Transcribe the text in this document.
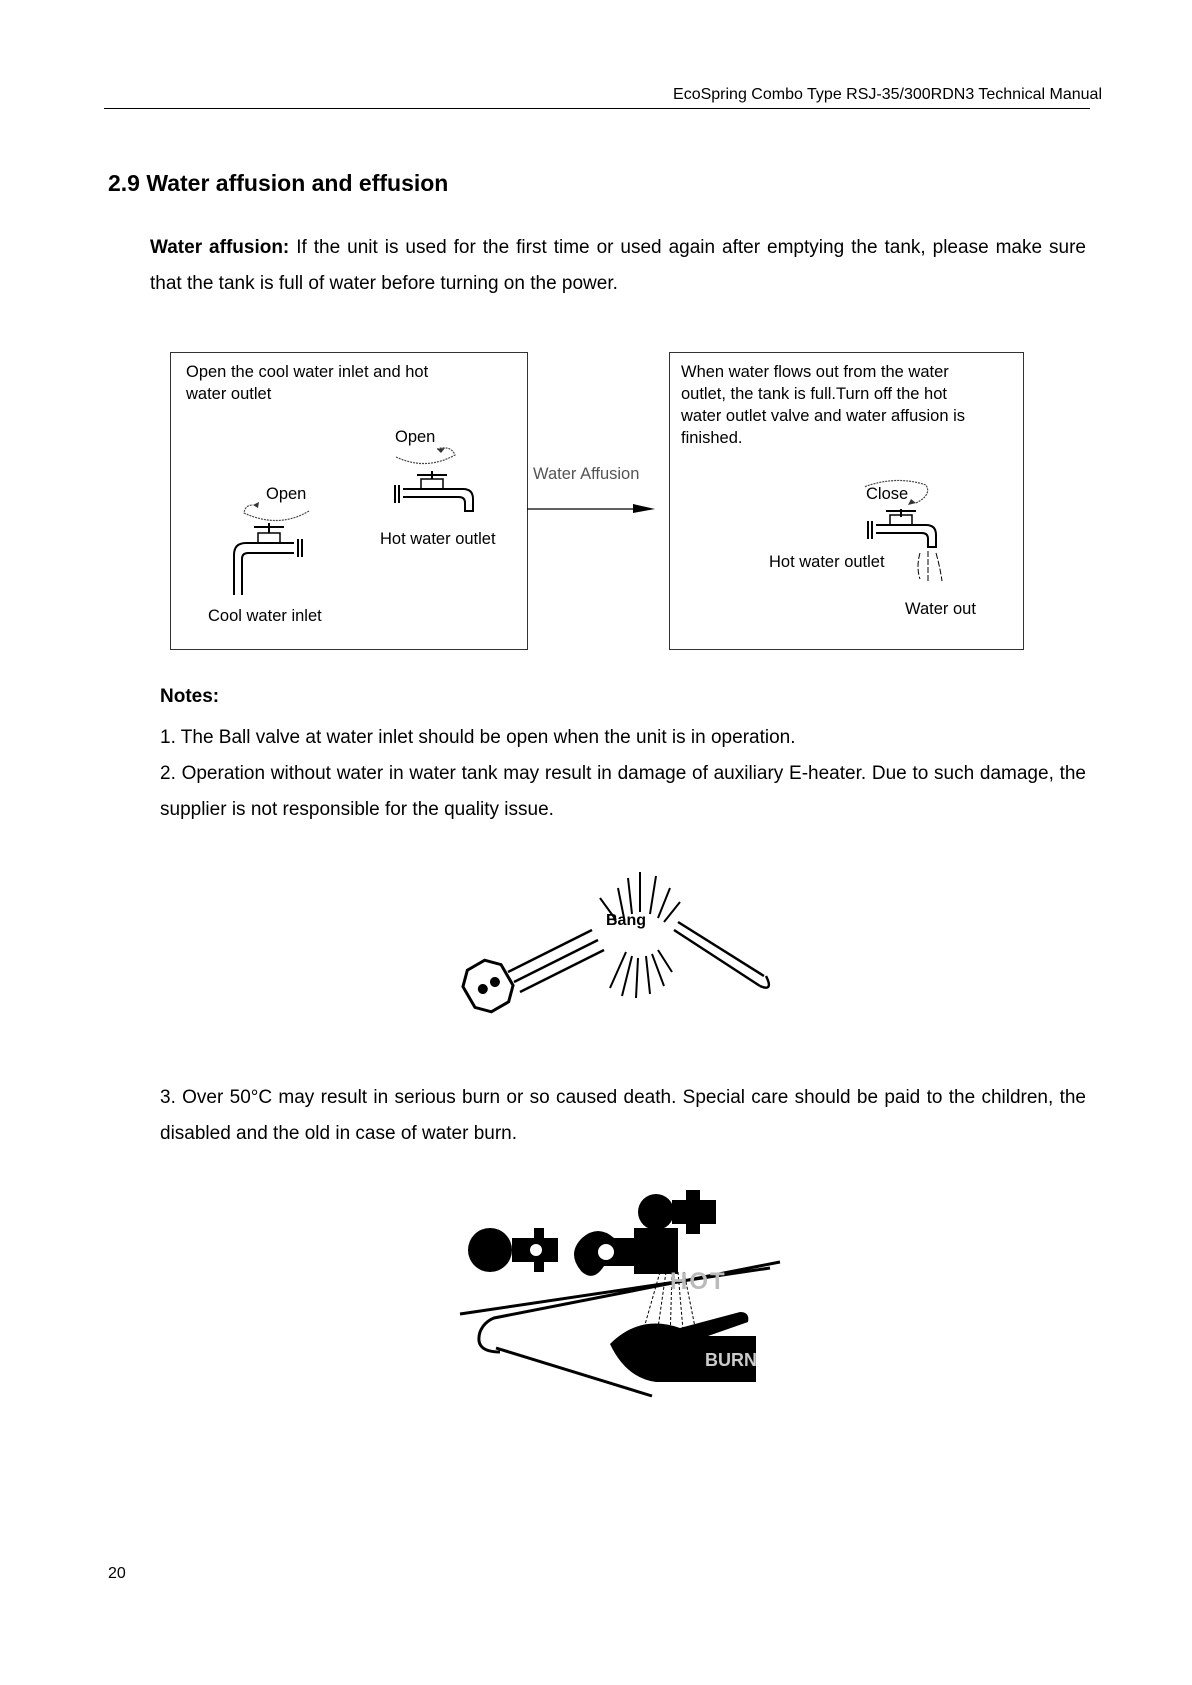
EcoSpring Combo Type RSJ-35/300RDN3 Technical Manual
2.9 Water affusion and effusion
Water affusion: If the unit is used for the first time or used again after emptying the tank, please make sure that the tank is full of water before turning on the power.
Open the cool water inlet and hot water outlet
Open
Open
Hot water outlet
Cool water inlet
Water Affusion
When water flows out from the water outlet, the tank is full.Turn off the hot water outlet valve and water affusion is finished.
Close
Hot water outlet
Water out
Notes:
1. The Ball valve at water inlet should be open when the unit is in operation.
2. Operation without water in water tank may result in damage of auxiliary E-heater. Due to such damage, the supplier is not responsible for the quality issue.
Bang
3. Over 50°C may result in serious burn or so caused death. Special care should be paid to the children, the disabled and the old in case of water burn.
HOT
BURN
20
